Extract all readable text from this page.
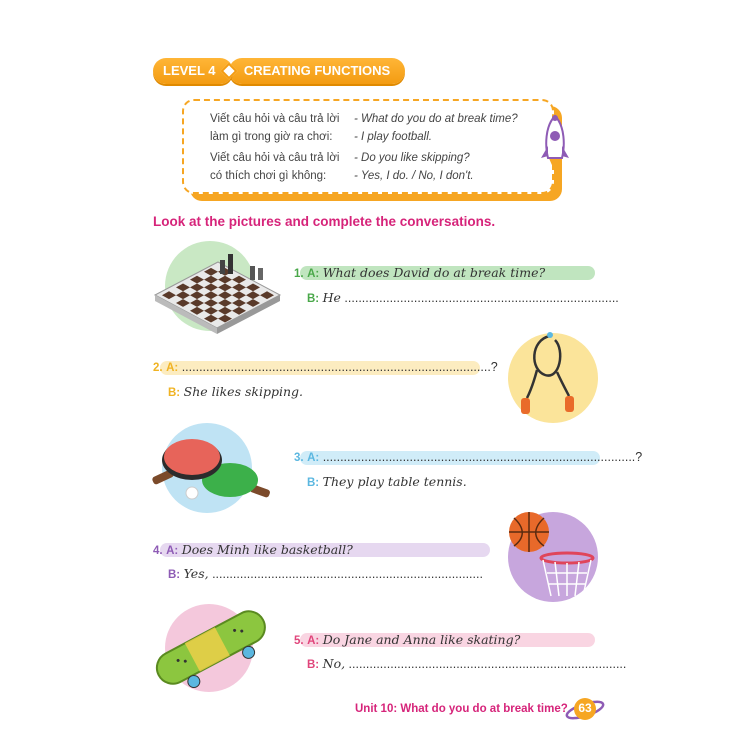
CREATING FUNCTIONS
LEVEL 4
Viết câu hỏi và câu trả lời
làm gì trong giờ ra chơi:
- What do you do at break time?
- I play football.
Viết câu hỏi và câu trả lời
có thích chơi gì không:
- Do you like skipping?
- Yes, I do. / No, I don't.
Look at the pictures and complete the conversations.
1. A: What does David do at break time?
B: He ...............................................................................
2. A: .........................................................................................?
B: She likes skipping.
3. A: ..........................................................................................?
B: They play table tennis.
4. A: Does Minh like basketball?
B: Yes, ..............................................................................
5. A: Do Jane and Anna like skating?
B: No, ................................................................................
Unit 10: What do you do at break time? 63
